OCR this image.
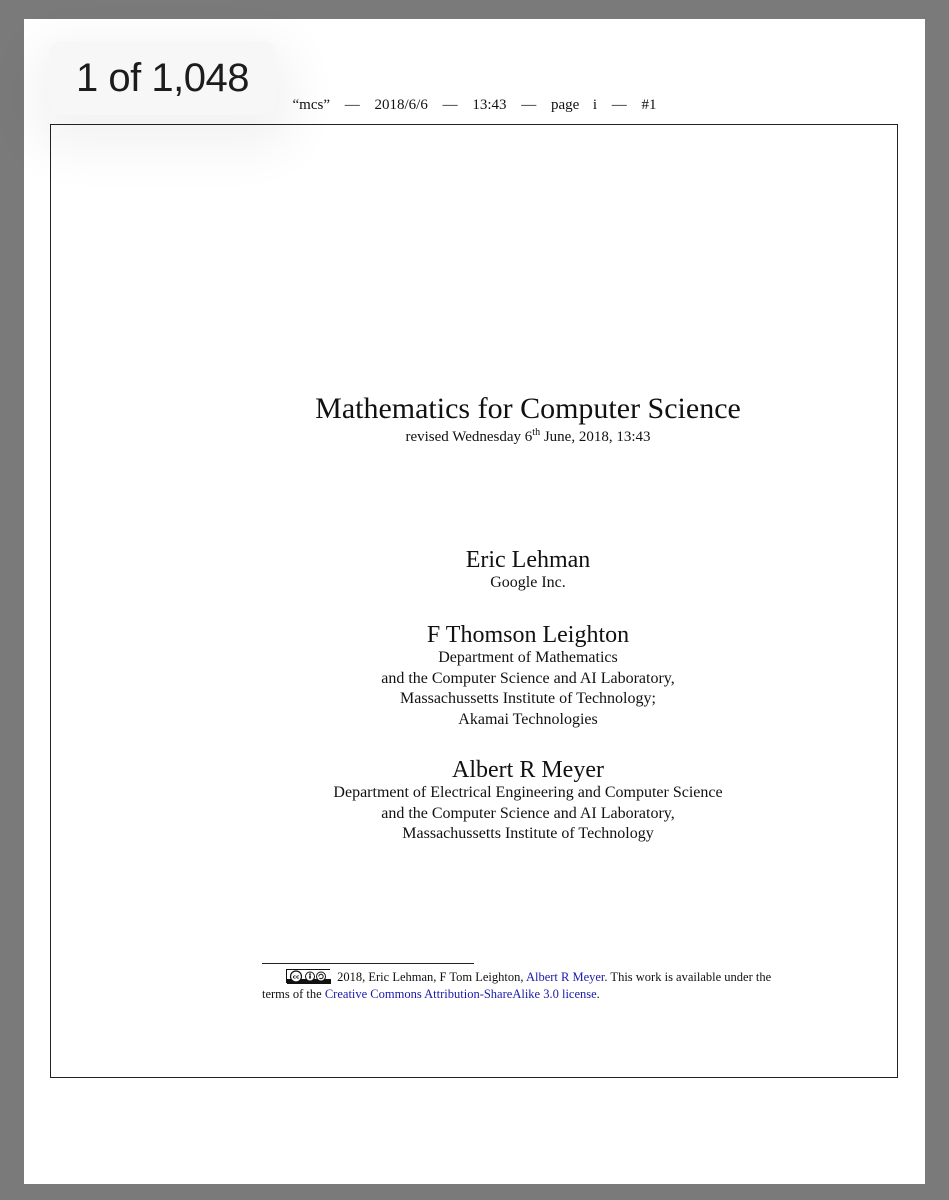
1 of 1,048
“mcs” — 2018/6/6 — 13:43 — page  i — #1
Mathematics for Computer Science
revised Wednesday 6th June, 2018, 13:43
Eric Lehman
Google Inc.
F Thomson Leighton
Department of Mathematics
and the Computer Science and AI Laboratory,
Massachussetts Institute of Technology;
Akamai Technologies
Albert R Meyer
Department of Electrical Engineering and Computer Science
and the Computer Science and AI Laboratory,
Massachussetts Institute of Technology
cc	2018, Eric Lehman, F Tom Leighton, Albert R Meyer. This work is available under the terms of the Creative Commons Attribution-ShareAlike 3.0 license.
